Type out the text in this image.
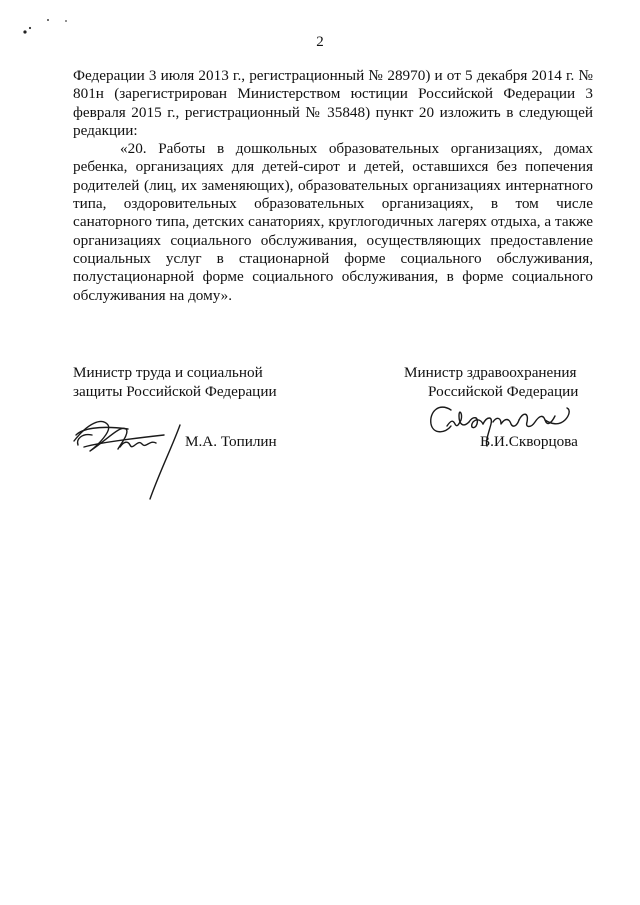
2

Федерации 3 июля 2013 г., регистрационный № 28970) и от 5 декабря 2014 г. № 801н (зарегистрирован Министерством юстиции Российской Федерации 3 февраля 2015 г., регистрационный № 35848) пункт 20 изложить в следующей редакции:

«20. Работы в дошкольных образовательных организациях, домах ребенка, организациях для детей-сирот и детей, оставшихся без попечения родителей (лиц, их заменяющих), образовательных организациях интернатного типа, оздоровительных образовательных организациях, в том числе санаторного типа, детских санаториях, круглогодичных лагерях отдыха, а также организациях социального обслуживания, осуществляющих предоставление социальных услуг в стационарной форме социального обслуживания, полустационарной форме социального обслуживания, в форме социального обслуживания на дому».

Министр труда и социальной
защиты Российской Федерации
Министр здравоохранения
Российской Федерации
М.А. Топилин	В.И.Скворцова
